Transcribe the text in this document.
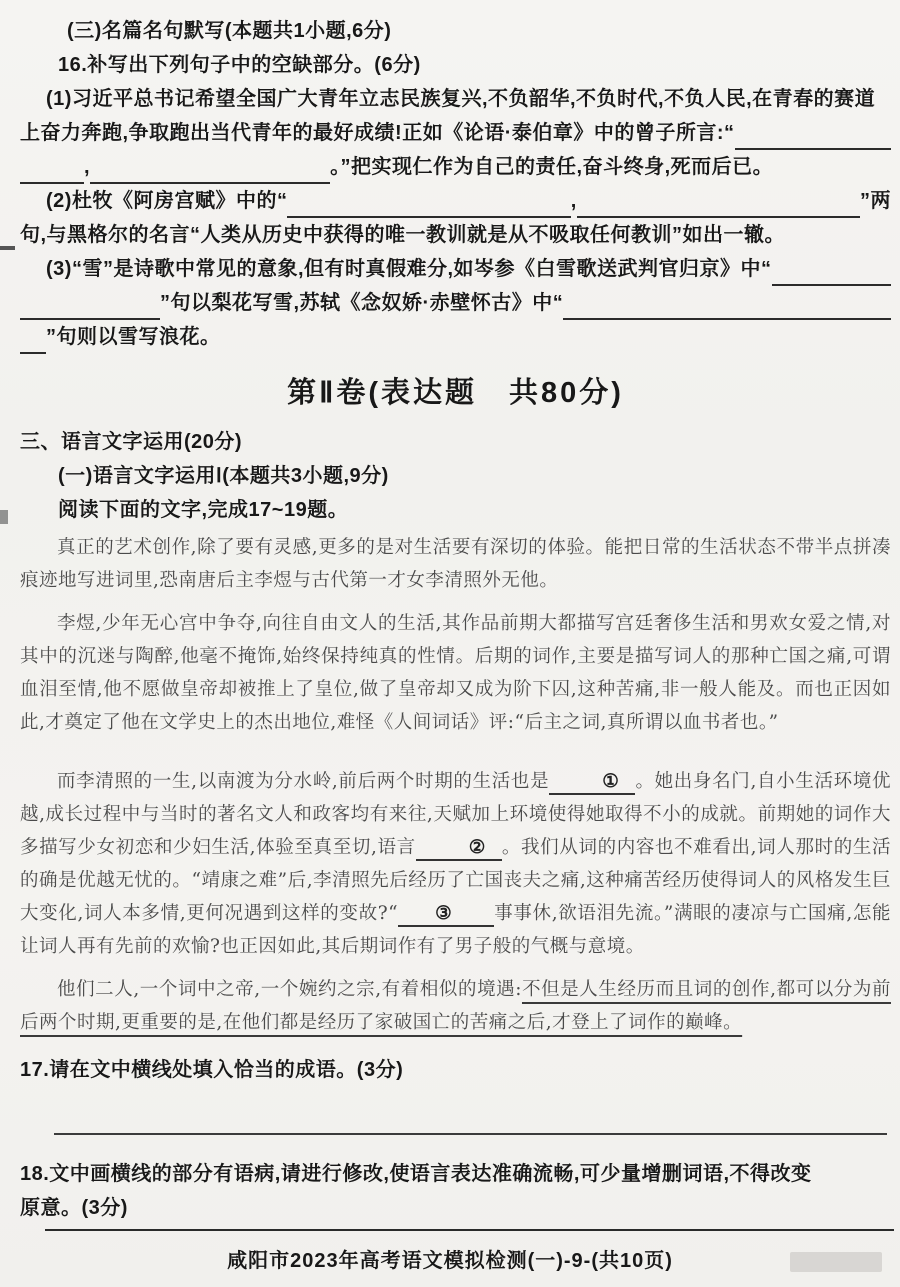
(三)名篇名句默写(本题共1小题,6分)
16.补写出下列句子中的空缺部分。(6分)
(1)习近平总书记希望全国广大青年立志民族复兴,不负韶华,不负时代,不负人民,在青春的赛道
上奋力奔跑,争取跑出当代青年的最好成绩!正如《论语·泰伯章》中的曾子所言:“
,	。”把实现仁作为自己的责任,奋斗终身,死而后已。
(2)杜牧《阿房宫赋》中的“	,	”两
句,与黑格尔的名言“人类从历史中获得的唯一教训就是从不吸取任何教训”如出一辙。
(3)“雪”是诗歌中常见的意象,但有时真假难分,如岑参《白雪歌送武判官归京》中“
”句以梨花写雪,苏轼《念奴娇·赤壁怀古》中“
”句则以雪写浪花。
第Ⅱ卷(表达题　共80分)
三、语言文字运用(20分)
(一)语言文字运用Ⅰ(本题共3小题,9分)
阅读下面的文字,完成17~19题。

真正的艺术创作,除了要有灵感,更多的是对生活要有深切的体验。能把日常的生活状态不带半点拼凑痕迹地写进词里,恐南唐后主李煜与古代第一才女李清照外无他。

李煜,少年无心宫中争夺,向往自由文人的生活,其作品前期大都描写宫廷奢侈生活和男欢女爱之情,对其中的沉迷与陶醉,他毫不掩饰,始终保持纯真的性情。后期的词作,主要是描写词人的那种亡国之痛,可谓血泪至情,他不愿做皇帝却被推上了皇位,做了皇帝却又成为阶下囚,这种苦痛,非一般人能及。而也正因如此,才奠定了他在文学史上的杰出地位,难怪《人间词话》评:“后主之词,真所谓以血书者也。”

而李清照的一生,以南渡为分水岭,前后两个时期的生活也是	① 。她出身名门,自小生活环境优越,成长过程中与当时的著名文人和政客均有来往,天赋加上环境使得她取得不小的成就。前期她的词作大多描写少女初恋和少妇生活,体验至真至切,语言	② 。我们从词的内容也不难看出,词人那时的生活的确是优越无忧的。“靖康之难”后,李清照先后经历了亡国丧夫之痛,这种痛苦经历使得词人的风格发生巨大变化,词人本多情,更何况遇到这样的变故?“ ③ 事事休,欲语泪先流。”满眼的凄凉与亡国痛,怎能让词人再有先前的欢愉?也正因如此,其后期词作有了男子般的气概与意境。

他们二人,一个词中之帝,一个婉约之宗,有着相似的境遇:不但是人生经历而且词的创作,都可以分为前后两个时期,更重要的是,在他们都是经历了家破国亡的苦痛之后,才登上了词作的巅峰。

17.请在文中横线处填入恰当的成语。(3分)
18.文中画横线的部分有语病,请进行修改,使语言表达准确流畅,可少量增删词语,不得改变
原意。(3分)
咸阳市2023年高考语文模拟检测(一)-9-(共10页)
